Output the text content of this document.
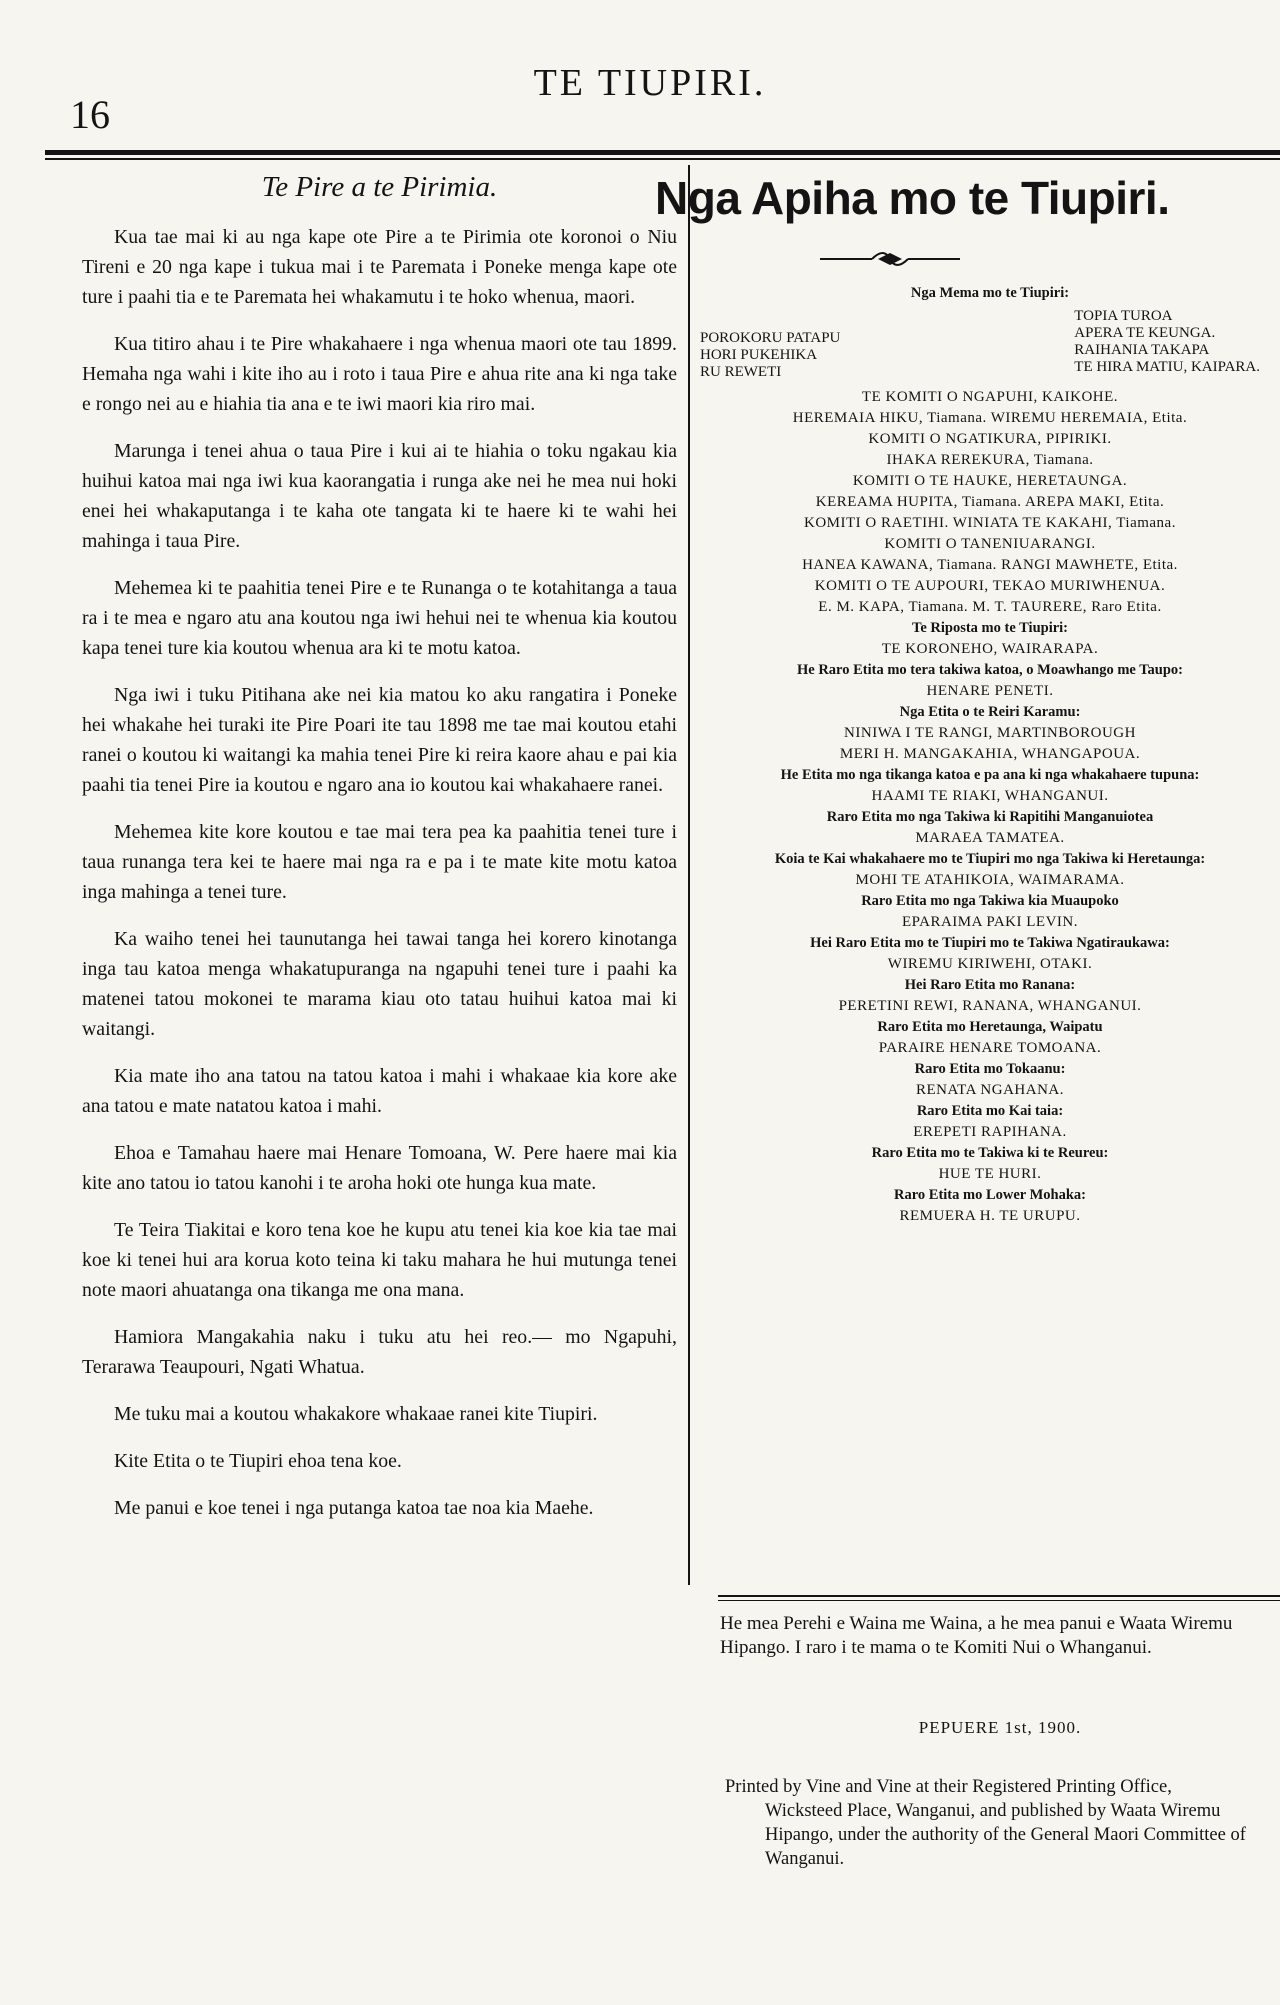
16
TE TIUPIRI.
Te Pire a te Pirimia.

Kua tae mai ki au nga kape ote Pire a te Pirimia ote koronoi o Niu Tireni e 20 nga kape i tukua mai i te Paremata i Poneke menga kape ote ture i paahi tia e te Paremata hei whakamutu i te hoko whenua, maori.

Kua titiro ahau i te Pire whakahaere i nga whenua maori ote tau 1899. Hemaha nga wahi i kite iho au i roto i taua Pire e ahua rite ana ki nga take e rongo nei au e hiahia tia ana e te iwi maori kia riro mai.

Marunga i tenei ahua o taua Pire i kui ai te hiahia o toku ngakau kia huihui katoa mai nga iwi kua kaorangatia i runga ake nei he mea nui hoki enei hei whakaputanga i te kaha ote tangata ki te haere ki te wahi hei mahinga i taua Pire.

Mehemea ki te paahitia tenei Pire e te Runanga o te kotahitanga a taua ra i te mea e ngaro atu ana koutou nga iwi hehui nei te whenua kia koutou kapa tenei ture kia koutou whenua ara ki te motu katoa.

Nga iwi i tuku Pitihana ake nei kia matou ko aku rangatira i Poneke hei whakahe hei turaki ite Pire Poari ite tau 1898 me tae mai koutou etahi ranei o koutou ki waitangi ka mahia tenei Pire ki reira kaore ahau e pai kia paahi tia tenei Pire ia koutou e ngaro ana io koutou kai whakahaere ranei.

Mehemea kite kore koutou e tae mai tera pea ka paahitia tenei ture i taua runanga tera kei te haere mai nga ra e pa i te mate kite motu katoa inga mahinga a tenei ture.

Ka waiho tenei hei taunutanga hei tawai tanga hei korero kinotanga inga tau katoa menga whakatupuranga na ngapuhi tenei ture i paahi ka matenei tatou mokonei te marama kiau oto tatau huihui katoa mai ki waitangi.

Kia mate iho ana tatou na tatou katoa i mahi i whakaae kia kore ake ana tatou e mate natatou katoa i mahi.

Ehoa e Tamahau haere mai Henare Tomoana, W. Pere haere mai kia kite ano tatou io tatou kanohi i te aroha hoki ote hunga kua mate.

Te Teira Tiakitai e koro tena koe he kupu atu tenei kia koe kia tae mai koe ki tenei hui ara korua koto teina ki taku mahara he hui mutunga tenei note maori ahuatanga ona tikanga me ona mana.

Hamiora Mangakahia naku i tuku atu hei reo.— mo Ngapuhi, Terarawa Teaupouri, Ngati Whatua.

Me tuku mai a koutou whakakore whakaae ranei kite Tiupiri.

Kite Etita o te Tiupiri ehoa tena koe.

Me panui e koe tenei i nga putanga katoa tae noa kia Maehe.

Nga Apiha mo te Tiupiri.
Nga Mema mo te Tiupiri:
POROKORU PATAPU
HORI PUKEHIKA
RU REWETI
TOPIA TUROA
APERA TE KEUNGA.
RAIHANIA TAKAPA
TE HIRA MATIU, KAIPARA.
TE KOMITI O NGAPUHI, KAIKOHE.
HEREMAIA HIKU, Tiamana. WIREMU HEREMAIA, Etita.
KOMITI O NGATIKURA, PIPIRIKI.
IHAKA REREKURA, Tiamana.
KOMITI O TE HAUKE, HERETAUNGA.
KEREAMA HUPITA, Tiamana. AREPA MAKI, Etita.
KOMITI O RAETIHI. WINIATA TE KAKAHI, Tiamana.
KOMITI O TANENIUARANGI.
HANEA KAWANA, Tiamana. RANGI MAWHETE, Etita.
KOMITI O TE AUPOURI, TEKAO MURIWHENUA.
E. M. KAPA, Tiamana. M. T. TAURERE, Raro Etita.
Te Riposta mo te Tiupiri:
TE KORONEHO, WAIRARAPA.
He Raro Etita mo tera takiwa katoa, o Moawhango me Taupo:
HENARE PENETI.
Nga Etita o te Reiri Karamu:
NINIWA I TE RANGI, MARTINBOROUGH
MERI H. MANGAKAHIA, WHANGAPOUA.
He Etita mo nga tikanga katoa e pa ana ki nga whakahaere tupuna:
HAAMI TE RIAKI, WHANGANUI.
Raro Etita mo nga Takiwa ki Rapitihi Manganuiotea
MARAEA TAMATEA.
Koia te Kai whakahaere mo te Tiupiri mo nga Takiwa ki Heretaunga:
MOHI TE ATAHIKOIA, WAIMARAMA.
Raro Etita mo nga Takiwa kia Muaupoko
EPARAIMA PAKI LEVIN.
Hei Raro Etita mo te Tiupiri mo te Takiwa Ngatiraukawa:
WIREMU KIRIWEHI, OTAKI.
Hei Raro Etita mo Ranana:
PERETINI REWI, RANANA, WHANGANUI.
Raro Etita mo Heretaunga, Waipatu
PARAIRE HENARE TOMOANA.
Raro Etita mo Tokaanu:
RENATA NGAHANA.
Raro Etita mo Kai taia:
EREPETI RAPIHANA.
Raro Etita mo te Takiwa ki te Reureu:
HUE TE HURI.
Raro Etita mo Lower Mohaka:
REMUERA H. TE URUPU.
He mea Perehi e Waina me Waina, a he mea panui e Waata Wiremu Hipango. I raro i te mama o te Komiti Nui o Whanganui.
PEPUERE 1st, 1900.
Printed by Vine and Vine at their Registered Printing Office,
Wicksteed Place, Wanganui, and published by Waata Wiremu Hipango, under the authority of the General Maori Committee of Wanganui.
